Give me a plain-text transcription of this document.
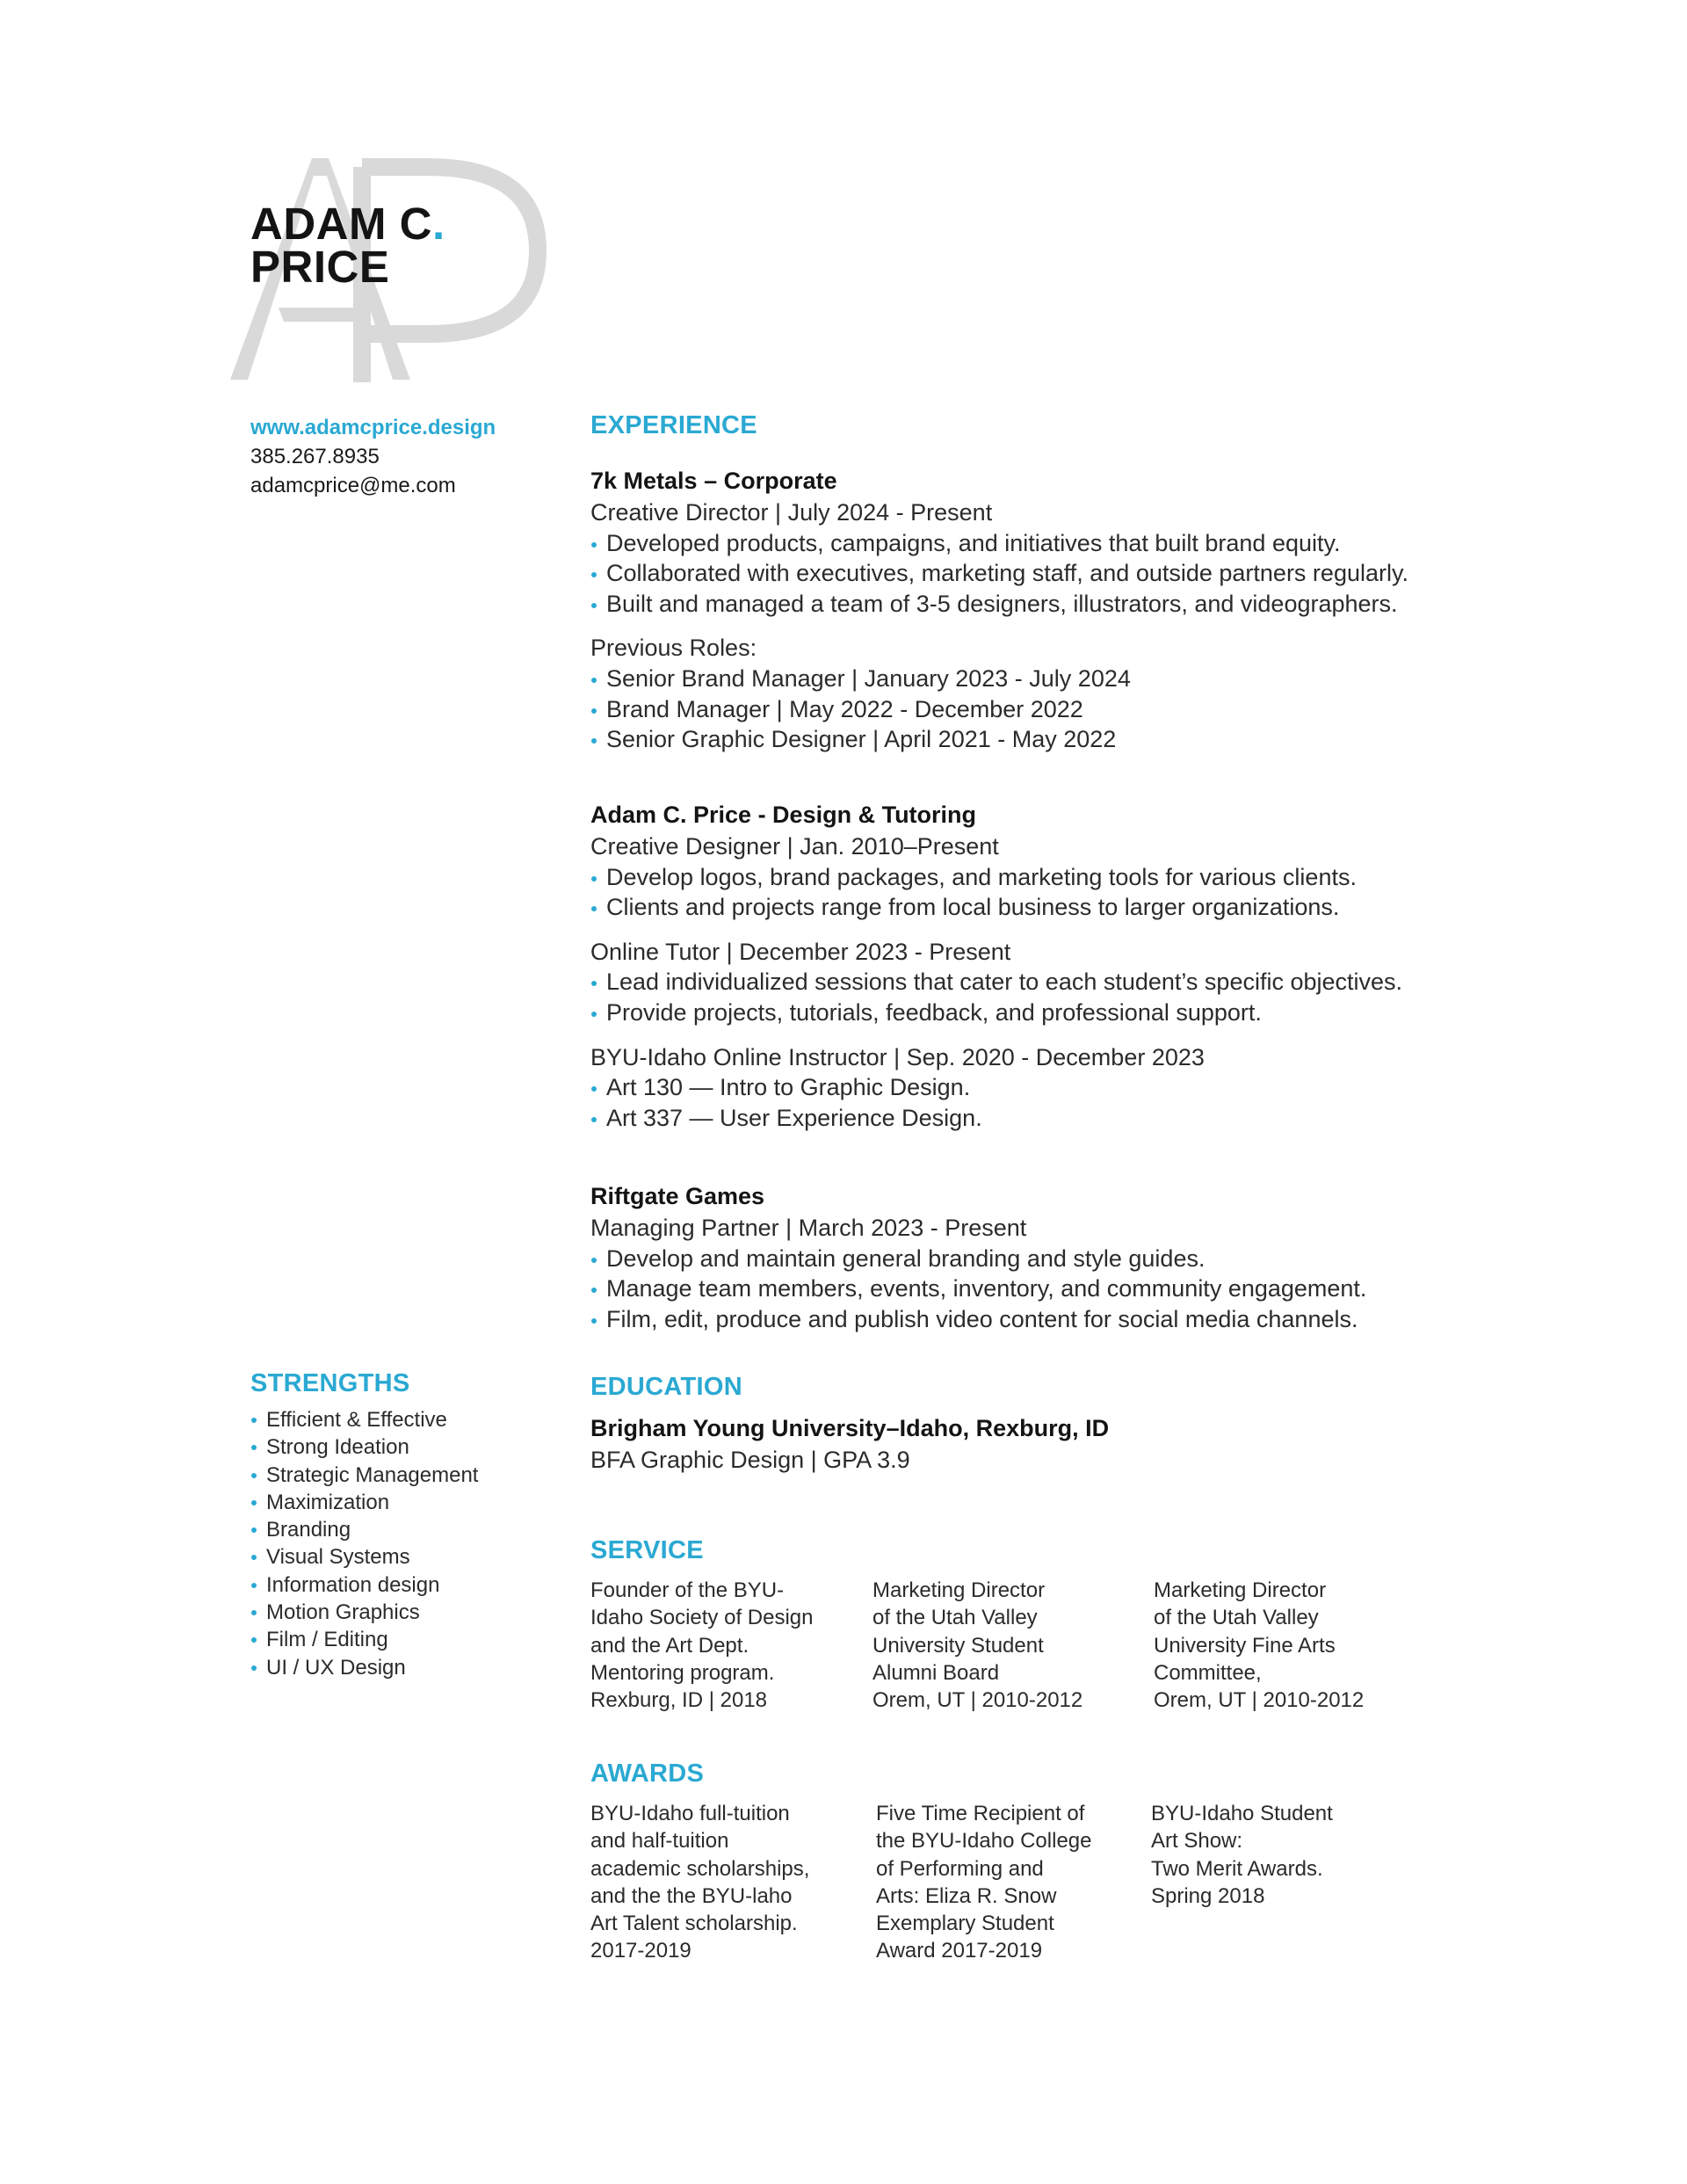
ADAM C.
PRICE
www.adamcprice.design
385.267.8935
adamcprice@me.com
EXPERIENCE
7k Metals – Corporate
Creative Director | July 2024 - Present
Developed products, campaigns, and initiatives that built brand equity.
Collaborated with executives, marketing staff, and outside partners regularly.
Built and managed a team of 3-5 designers, illustrators, and videographers.
Previous Roles:
Senior Brand Manager | January 2023 - July 2024
Brand Manager | May 2022 - December 2022
Senior Graphic Designer | April 2021 - May 2022
Adam C. Price - Design & Tutoring
Creative Designer | Jan. 2010–Present
Develop logos, brand packages, and marketing tools for various clients.
Clients and projects range from local business to larger organizations.
Online Tutor | December 2023 - Present
Lead individualized sessions that cater to each student’s specific objectives.
Provide projects, tutorials, feedback, and professional support.
BYU-Idaho Online Instructor | Sep. 2020 - December 2023
Art 130 — Intro to Graphic Design.
Art 337 — User Experience Design.
Riftgate Games
Managing Partner | March 2023 - Present
Develop and maintain general branding and style guides.
Manage team members, events, inventory, and community engagement.
Film, edit, produce and publish video content for social media channels.
STRENGTHS
Efficient & Effective
Strong Ideation
Strategic Management
Maximization
Branding
Visual Systems
Information design
Motion Graphics
Film / Editing
UI / UX Design
EDUCATION
Brigham Young University–Idaho, Rexburg, ID
BFA Graphic Design | GPA 3.9
SERVICE
Founder of the BYU-
Idaho Society of Design
and the Art Dept.
Mentoring program.
Rexburg, ID | 2018
Marketing Director
of the Utah Valley
University Student
Alumni Board
Orem, UT | 2010-2012
Marketing Director
of the Utah Valley
University Fine Arts
Committee,
Orem, UT | 2010-2012
AWARDS
BYU-Idaho full-tuition
and half-tuition
academic scholarships,
and the the BYU-laho
Art Talent scholarship.
2017-2019
Five Time Recipient of
the BYU-Idaho College
of Performing and
Arts: Eliza R. Snow
Exemplary Student
Award 2017-2019
BYU-Idaho Student
Art Show:
Two Merit Awards.
Spring 2018
